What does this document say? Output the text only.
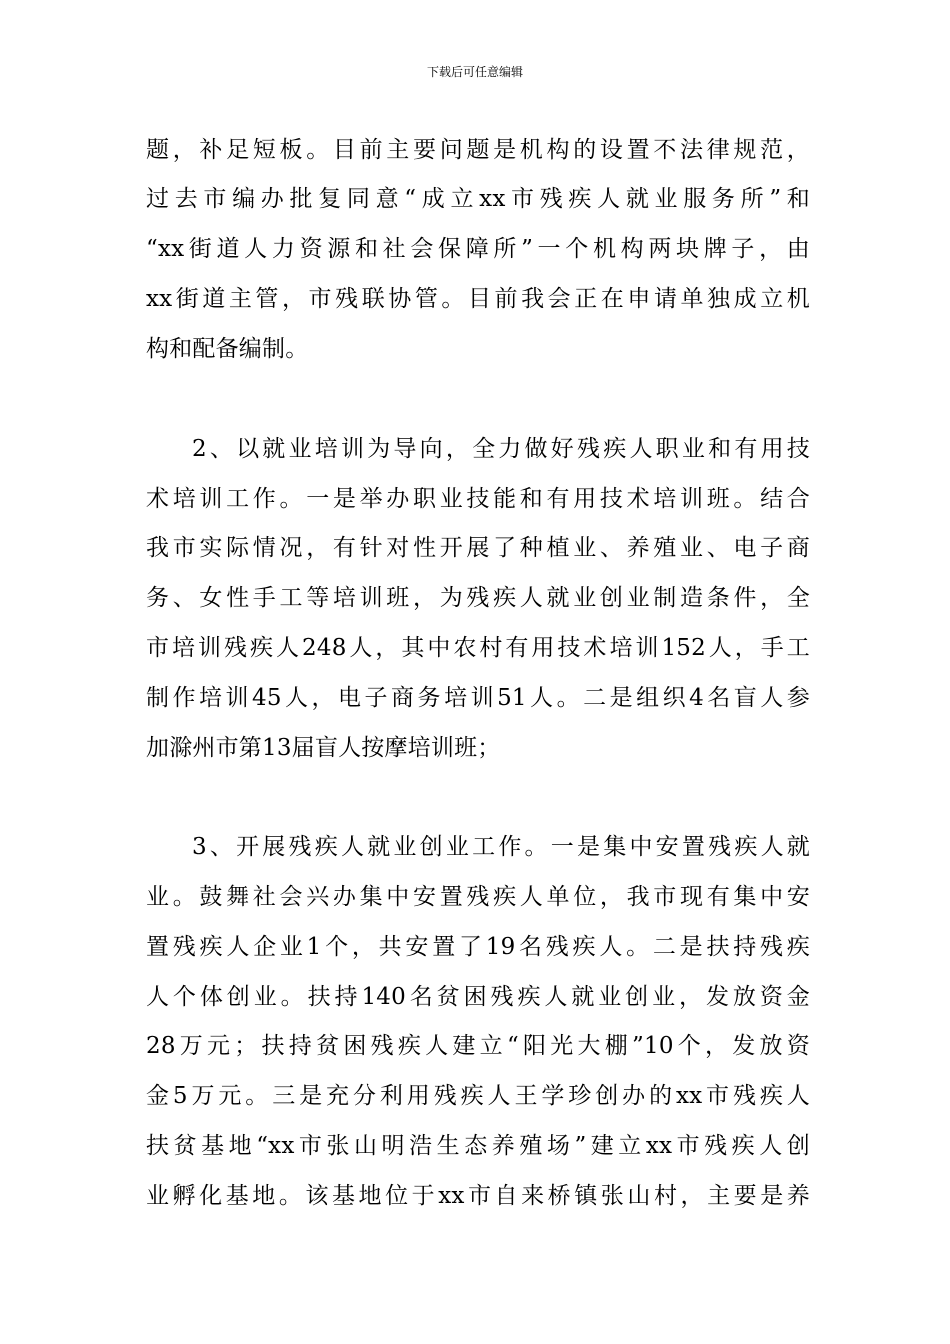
下载后可任意编辑
题，补足短板。目前主要问题是机构的设置不法律规范，
过去市编办批复同意“成立xx市残疾人就业服务所”和
“xx街道人力资源和社会保障所”一个机构两块牌子，由
xx街道主管，市残联协管。目前我会正在申请单独成立机
构和配备编制。
2、以就业培训为导向，全力做好残疾人职业和有用技
术培训工作。一是举办职业技能和有用技术培训班。结合
我市实际情况，有针对性开展了种植业、养殖业、电子商
务、女性手工等培训班，为残疾人就业创业制造条件，全
市培训残疾人248人，其中农村有用技术培训152人，手工
制作培训45人，电子商务培训51人。二是组织4名盲人参
加滁州市第13届盲人按摩培训班；
3、开展残疾人就业创业工作。一是集中安置残疾人就
业。鼓舞社会兴办集中安置残疾人单位，我市现有集中安
置残疾人企业1个，共安置了19名残疾人。二是扶持残疾
人个体创业。扶持140名贫困残疾人就业创业，发放资金
28万元；扶持贫困残疾人建立“阳光大棚”10个，发放资
金5万元。三是充分利用残疾人王学珍创办的xx市残疾人
扶贫基地“xx市张山明浩生态养殖场”建立xx市残疾人创
业孵化基地。该基地位于xx市自来桥镇张山村，主要是养
